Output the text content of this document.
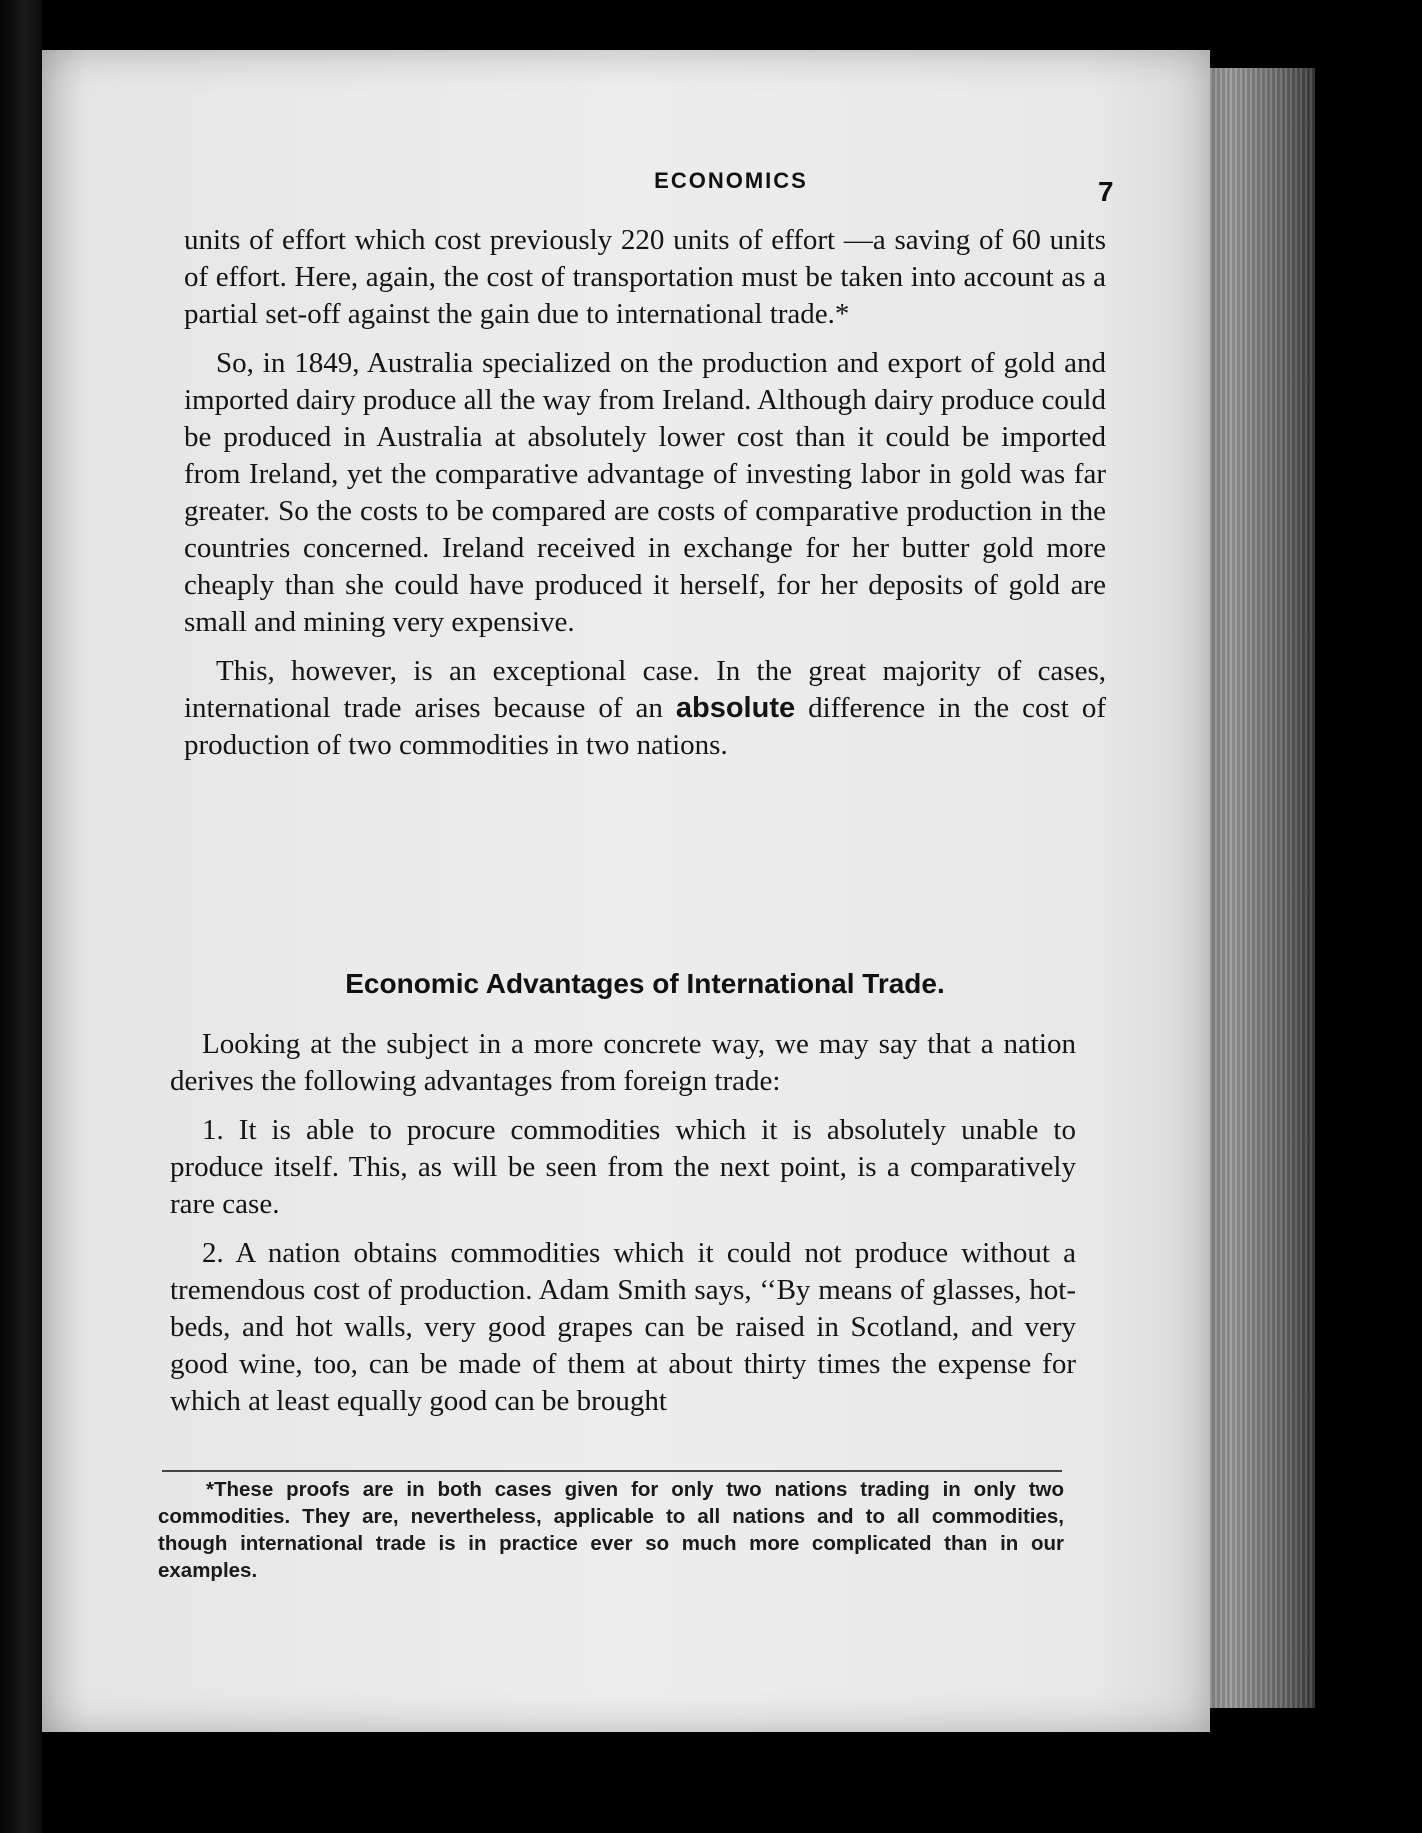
ECONOMICS	7

units of effort which cost previously 220 units of effort —a saving of 60 units of effort. Here, again, the cost of transportation must be taken into account as a partial set-off against the gain due to international trade.*

So, in 1849, Australia specialized on the production and export of gold and imported dairy produce all the way from Ireland. Although dairy produce could be produced in Australia at absolutely lower cost than it could be imported from Ireland, yet the comparative advantage of investing labor in gold was far greater. So the costs to be compared are costs of comparative production in the countries concerned. Ireland received in exchange for her butter gold more cheaply than she could have produced it herself, for her deposits of gold are small and mining very expensive.

This, however, is an exceptional case. In the great majority of cases, international trade arises because of an absolute difference in the cost of production of two commodities in two nations.

Economic Advantages of International Trade.

Looking at the subject in a more concrete way, we may say that a nation derives the following advantages from foreign trade:

1. It is able to procure commodities which it is absolutely unable to produce itself. This, as will be seen from the next point, is a comparatively rare case.

2. A nation obtains commodities which it could not produce without a tremendous cost of production. Adam Smith says, ‘‘By means of glasses, hot-beds, and hot walls, very good grapes can be raised in Scotland, and very good wine, too, can be made of them at about thirty times the expense for which at least equally good can be brought

*These proofs are in both cases given for only two nations trading in only two commodities. They are, nevertheless, applicable to all nations and to all commodities, though international trade is in practice ever so much more complicated than in our examples.
